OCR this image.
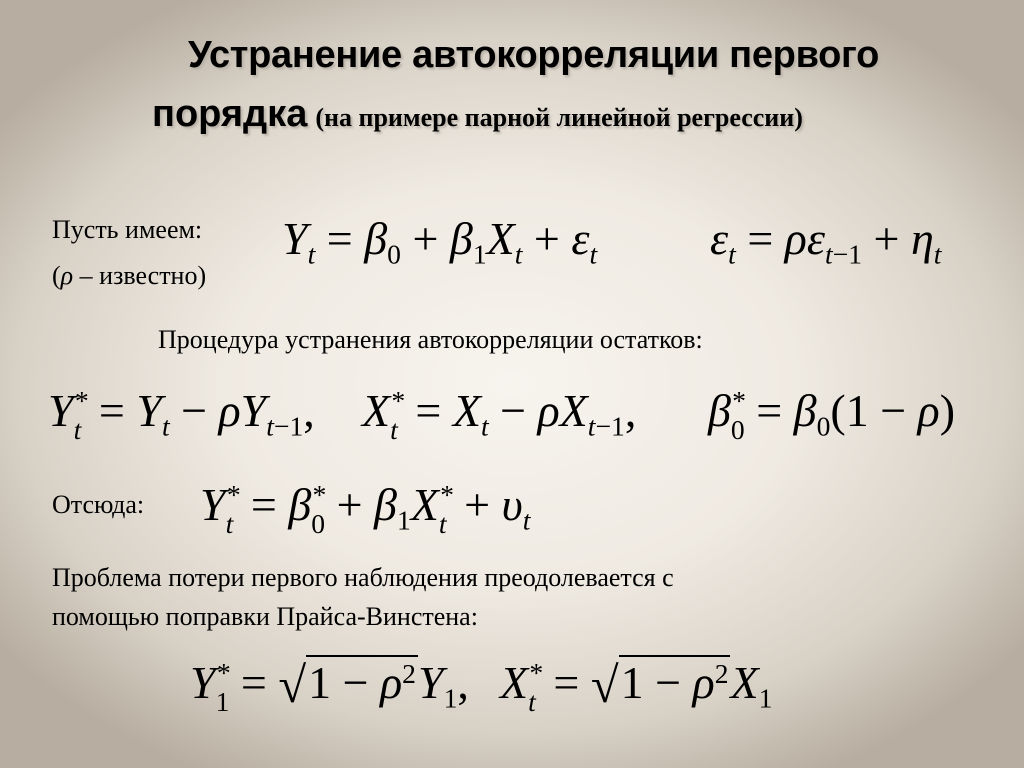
Устранение автокорреляции первого
порядка (на примере парной линейной регрессии)
Пусть имеем:
(ρ – известно)
$Y_t = \beta_0 + \beta_1X_t + \varepsilon_t$ $\varepsilon_t = \rho\varepsilon_{t-1} + \eta_t$
Процедура устранения автокорреляции остатков:
Y *
$t = Y_t - \rho Y_{t-1}$, X *
$t = X_t - \rho X_{t-1}$, β *
$0 = \beta_0(1 - \rho)$
Отсюда: Y *
t = β *
$0 + \beta_1X$ *
$t + \upsilon_t$
Проблема потери первого наблюдения преодолевается с
помощью поправки Прайса-Винстена:
Y *
$1 = √1 - \rho^2Y_1$, X *
$t = √1 - \rho^2X_1$
